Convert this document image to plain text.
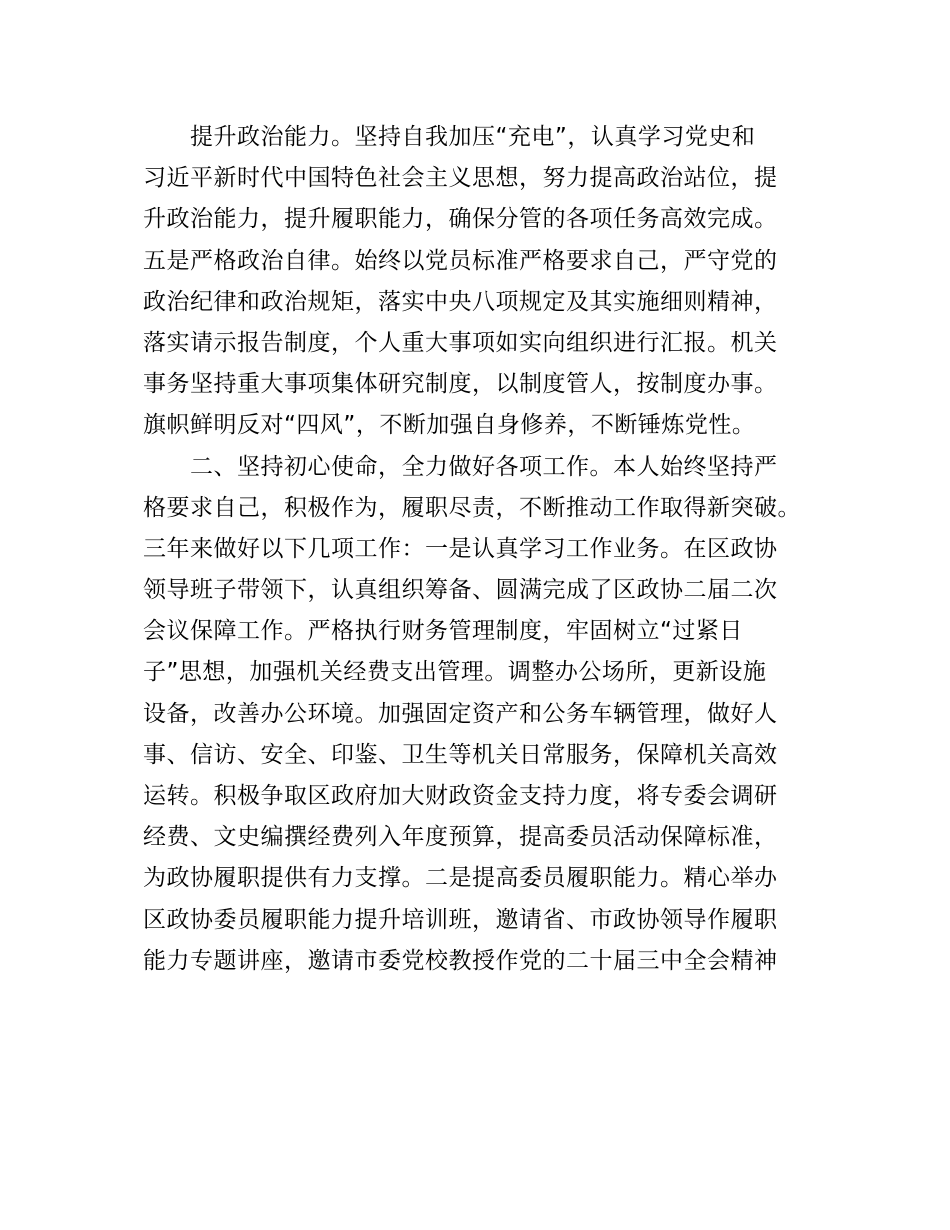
提升政治能力。坚持自我加压“充电”，认真学习党史和
习近平新时代中国特色社会主义思想，努力提高政治站位，提
升政治能力，提升履职能力，确保分管的各项任务高效完成。
五是严格政治自律。始终以党员标准严格要求自己，严守党的
政治纪律和政治规矩，落实中央八项规定及其实施细则精神，
落实请示报告制度，个人重大事项如实向组织进行汇报。机关
事务坚持重大事项集体研究制度，以制度管人，按制度办事。
旗帜鲜明反对“四风”，不断加强自身修养，不断锤炼党性。
二、坚持初心使命，全力做好各项工作。本人始终坚持严
格要求自己，积极作为，履职尽责，不断推动工作取得新突破。
三年来做好以下几项工作：一是认真学习工作业务。在区政协
领导班子带领下，认真组织筹备、圆满完成了区政协二届二次
会议保障工作。严格执行财务管理制度，牢固树立“过紧日
子”思想，加强机关经费支出管理。调整办公场所，更新设施
设备，改善办公环境。加强固定资产和公务车辆管理，做好人
事、信访、安全、印鉴、卫生等机关日常服务，保障机关高效
运转。积极争取区政府加大财政资金支持力度，将专委会调研
经费、文史编撰经费列入年度预算，提高委员活动保障标准，
为政协履职提供有力支撑。二是提高委员履职能力。精心举办
区政协委员履职能力提升培训班，邀请省、市政协领导作履职
能力专题讲座，邀请市委党校教授作党的二十届三中全会精神
